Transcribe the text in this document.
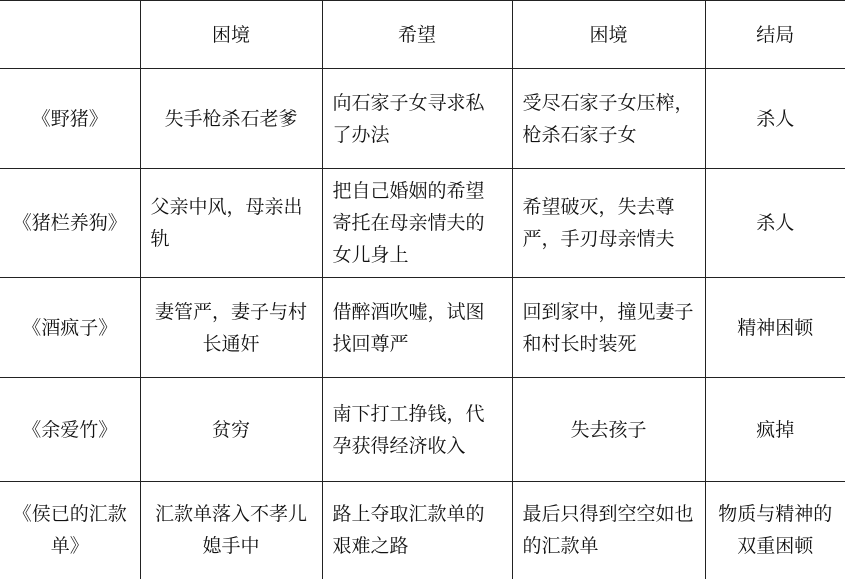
	困境	希望	困境	结局
《野猪》	失手枪杀石老爹	向石家子女寻求私了办法	受尽石家子女压榨，枪杀石家子女	杀人
《猪栏养狗》	父亲中风，母亲出轨	把自己婚姻的希望寄托在母亲情夫的女儿身上	希望破灭，失去尊严，手刃母亲情夫	杀人
《酒疯子》	妻管严，妻子与村长通奸	借醉酒吹嘘，试图找回尊严	回到家中，撞见妻子和村长时装死	精神困顿
《余爱竹》	贫穷	南下打工挣钱，代孕获得经济收入	失去孩子	疯掉
《侯已的汇款单》	汇款单落入不孝儿媳手中	路上夺取汇款单的艰难之路	最后只得到空空如也的汇款单	物质与精神的双重困顿
